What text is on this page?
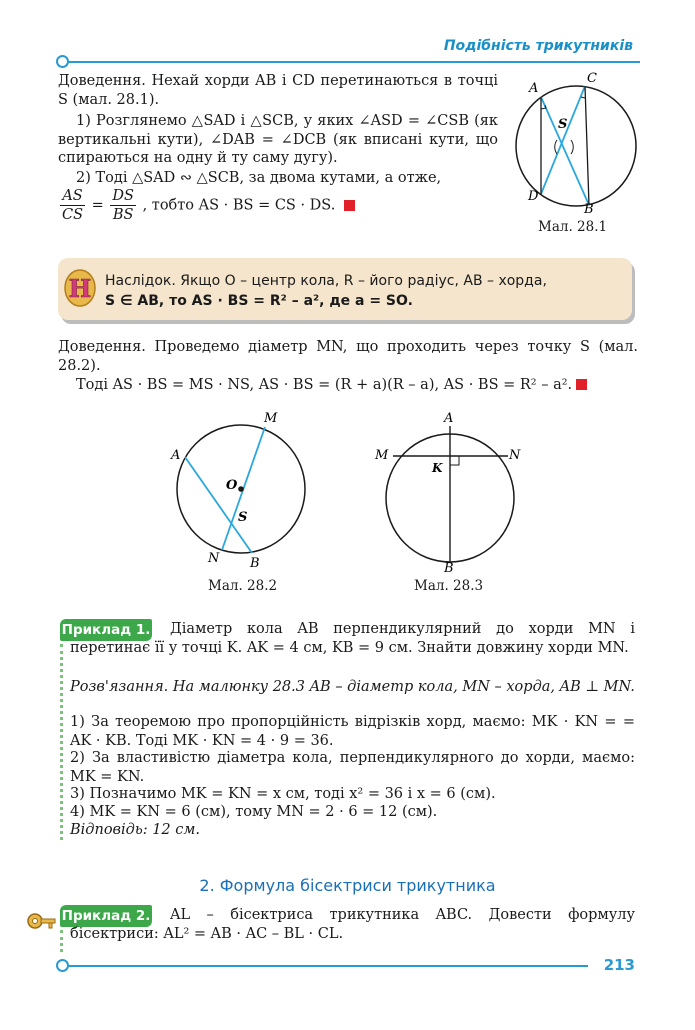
Подібність трикутників
Доведення. Нехай хорди AB і CD перетинаються в точці S (мал. 28.1).
1) Розглянемо △SAD і △SCB, у яких ∠ASD = ∠CSB (як вертикальні кути), ∠DAB = ∠DCB (як вписані кути, що спираються на одну й ту саму дугу).
2) Тоді △SAD ∾ △SCB, за двома кутами, а отже,
$\frac{AS}{CS} = \frac{DS}{BS}$ , тобто AS · BS = CS · DS.
A
C
S
D
B
Мал. 28.1
Н Наслідок. Якщо O – центр кола, R – його радіус, AB – хорда,
S ∈ AB, то AS · BS = R² – a², де a = SO.
Доведення. Проведемо діаметр MN, що проходить через точку S (мал. 28.2).
Тоді AS · BS = MS · NS, AS · BS = (R + a)(R – a), AS · BS = R² – a².
M
A
O
S
N B
Мал. 28.2
A
M	N
K
B
Мал. 28.3
Приклад 1.	Діаметр кола AB перпендикулярний до хорди MN і перетинає її у точці K. AK = 4 см, KB = 9 см. Знайти довжину хорди MN.
Розв'язання. На малюнку 28.3 AB – діаметр кола, MN – хорда, AB ⊥ MN.
1) За теоремою про пропорційність відрізків хорд, маємо: MK · KN = = AK · KB. Тоді MK · KN = 4 · 9 = 36.
2) За властивістю діаметра кола, перпендикулярного до хорди, маємо: MK = KN.
3) Позначимо MK = KN = x см, тоді x² = 36 і x = 6 (см).
4) MK = KN = 6 (см), тому MN = 2 · 6 = 12 (см).
Відповідь: 12 см.
2. Формула бісектриси трикутника
Приклад 2.	AL – бісектриса трикутника ABC. Довести формулу бісектриси: AL² = AB · AC – BL · CL.
213
